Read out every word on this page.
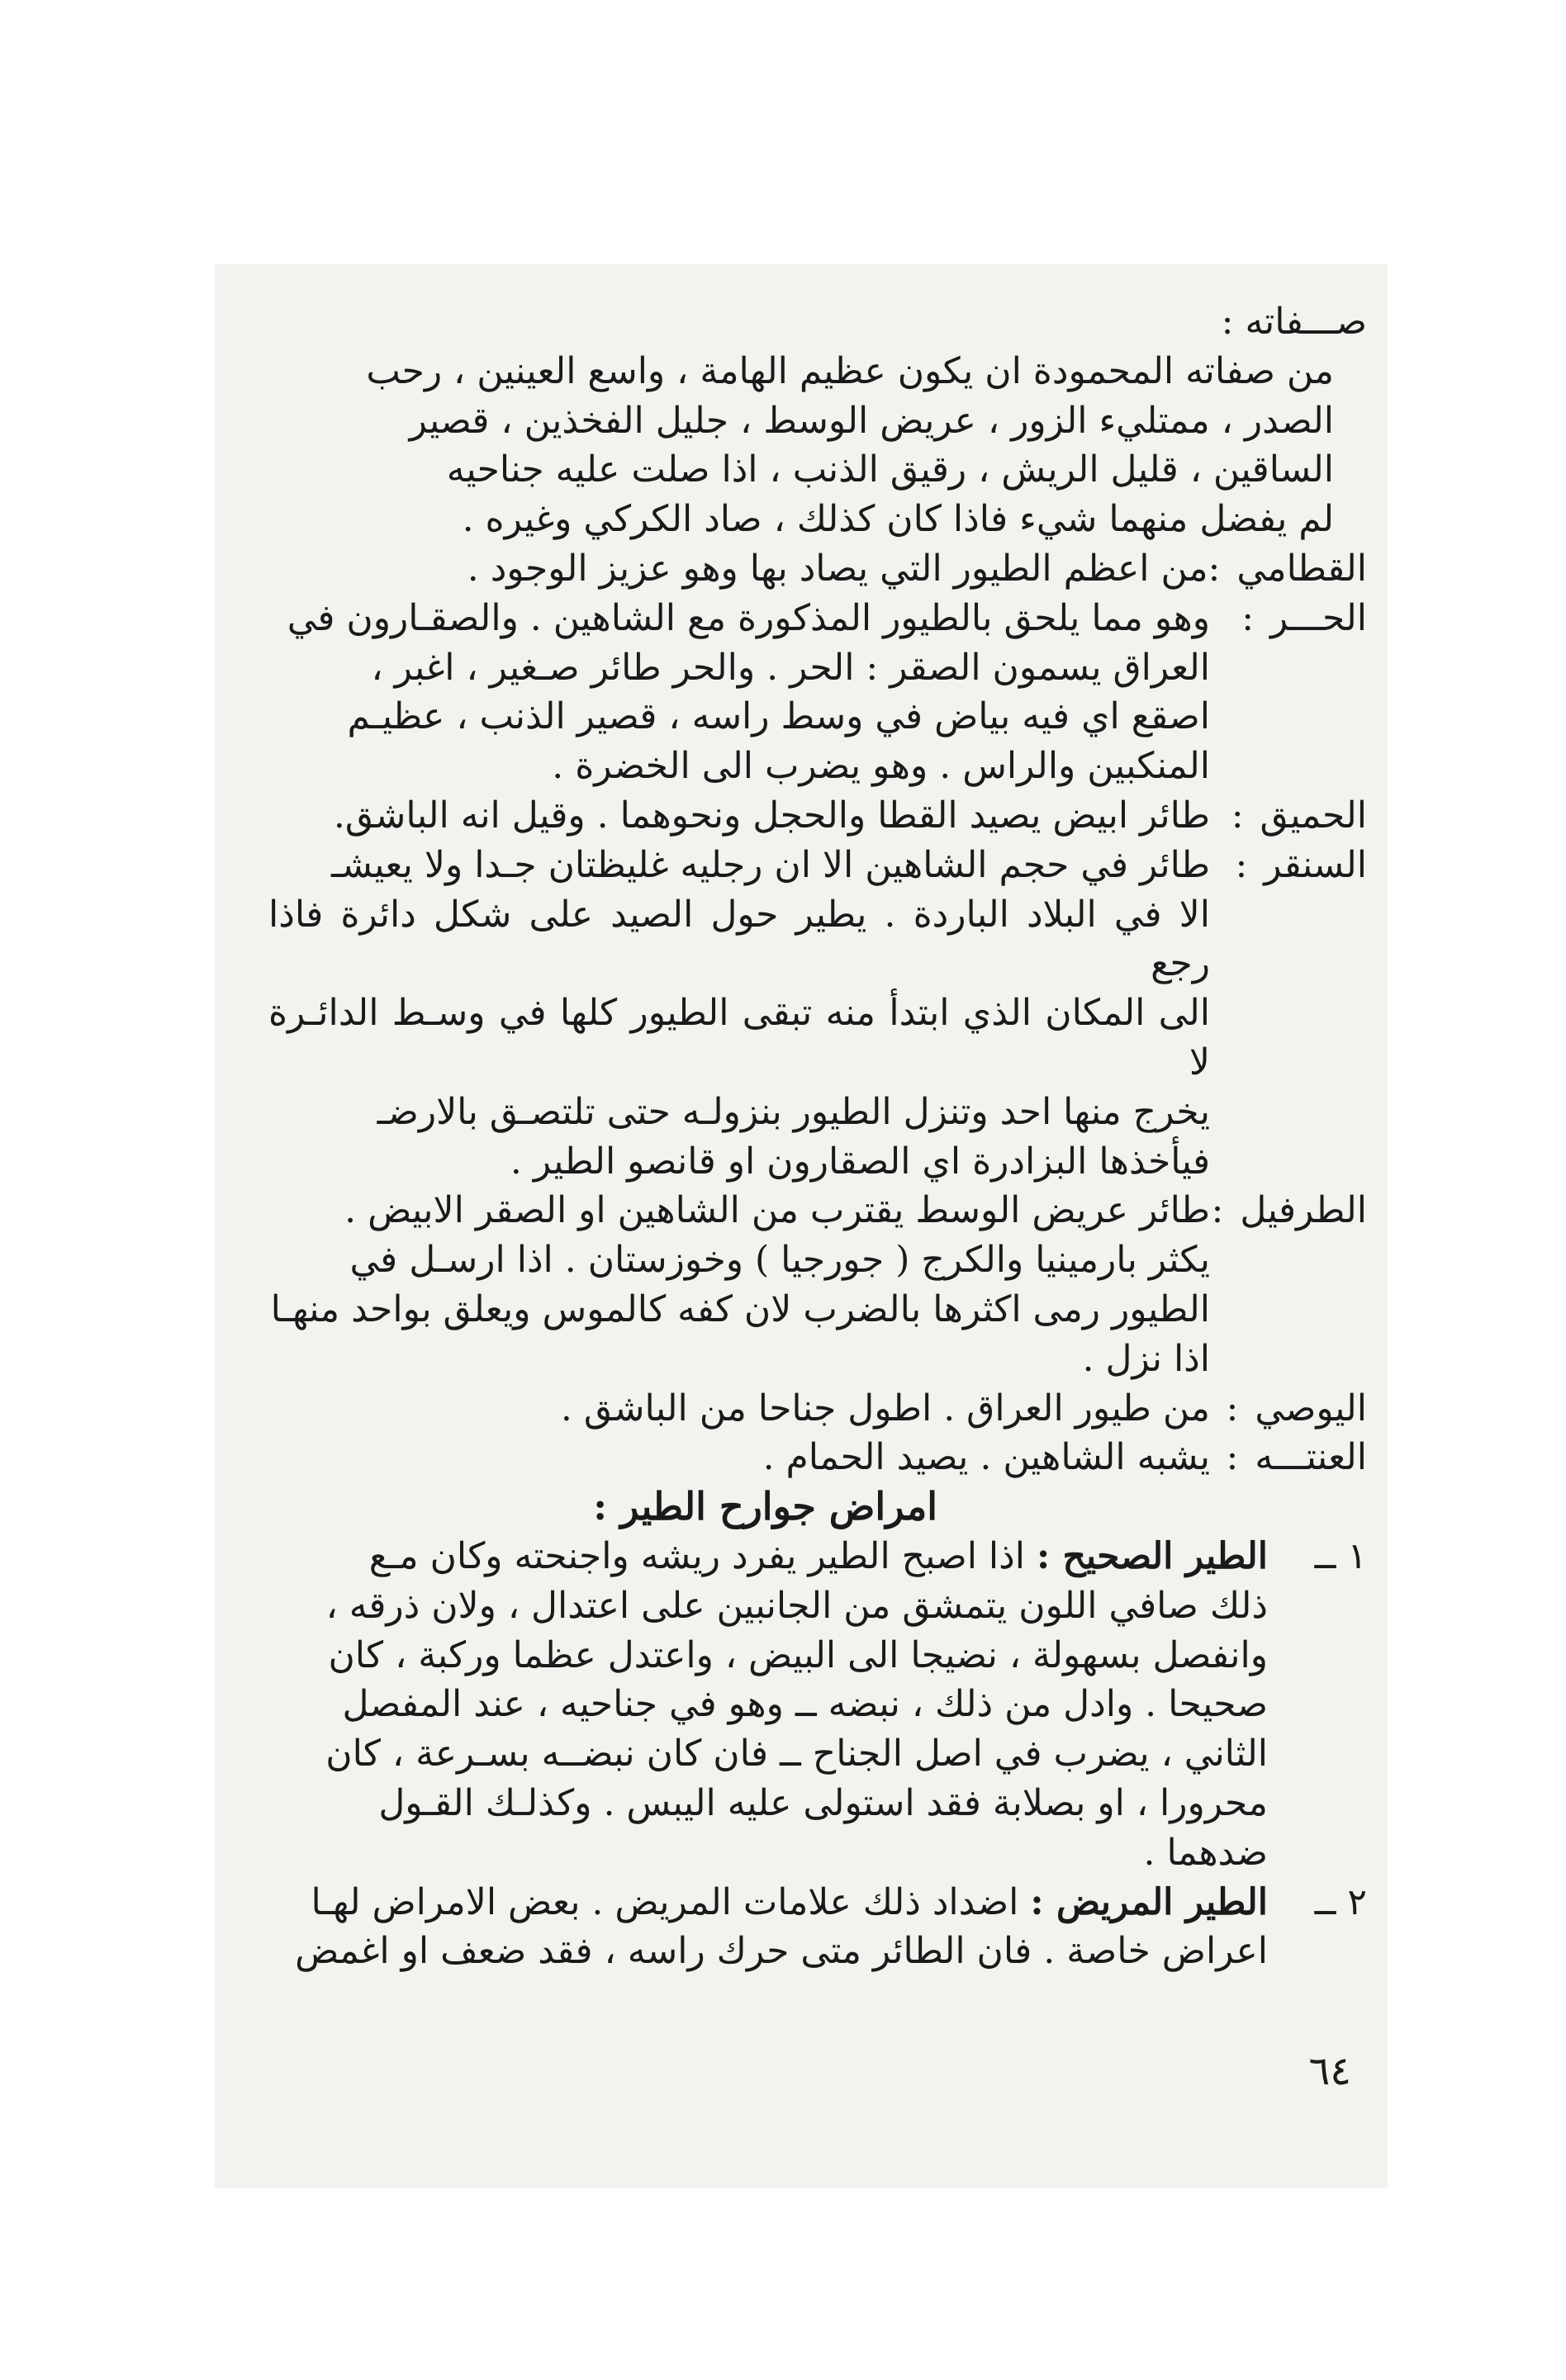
صـــفاته :

من صفاته المحمودة ان يكون عظيم الهامة ، واسع العينين ، رحب

الصدر ، ممتليء الزور ، عريض الوسط ، جليل الفخذين ، قصير

الساقين ، قليل الريش ، رقيق الذنب ، اذا صلت عليه جناحيه

لم يفضل منهما شيء فاذا كان كذلك ، صاد الكركي وغيره .

القطامي :

من اعظم الطيور التي يصاد بها وهو عزيز الوجود .

الحـــر :

وهو مما يلحق بالطيور المذكورة مع الشاهين . والصقـارون في

العراق يسمون الصقر : الحر . والحر طائر صـغير ، اغبر ،

اصقع اي فيه بياض في وسط راسه ، قصير الذنب ، عظيـم

المنكبين والراس . وهو يضرب الى الخضرة .

الحميق :

طائر ابيض يصيد القطا والحجل ونحوهما . وقيل انه الباشق.

السنقر :

طائر في حجم الشاهين الا ان رجليه غليظتان جـدا ولا يعيشـ

الا في البلاد الباردة . يطير حول الصيد على شكل دائرة فاذا رجع

الى المكان الذي ابتدأ منه تبقى الطيور كلها في وسـط الدائـرة لا

يخرج منها احد وتنزل الطيور بنزولـه حتى تلتصـق بالارضـ

فيأخذها البزادرة اي الصقارون او قانصو الطير .

الطرفيل :

طائر عريض الوسط يقترب من الشاهين او الصقر الابيض .

يكثر بارمينيا والكرج ( جورجيا ) وخوزستان . اذا ارسـل في

الطيور رمى اكثرها بالضرب لان كفه كالموس ويعلق بواحد منهـا

اذا نزل .

اليوصي :

من طيور العراق . اطول جناحا من الباشق .

العنتـــه :

يشبه الشاهين . يصيد الحمام .

امراض جوارح الطير :

١ ــ

الطير الصحيح : اذا اصبح الطير يفرد ريشه واجنحته وكان مـع

ذلك صافي اللون يتمشق من الجانبين على اعتدال ، ولان ذرقه ،

وانفصل بسهولة ، نضيجا الى البيض ، واعتدل عظما وركبة ، كان

صحيحا . وادل من ذلك ، نبضه ــ وهو في جناحيه ، عند المفصل

الثاني ، يضرب في اصل الجناح ــ فان كان نبضــه بسـرعة ، كان

محرورا ، او بصلابة فقد استولى عليه اليبس . وكذلـك القـول

ضدهما .

٢ ــ

الطير المريض : اضداد ذلك علامات المريض . بعض الامراض لهـا

اعراض خاصة . فان الطائر متى حرك راسه ، فقد ضعف او اغمض

٦٤
